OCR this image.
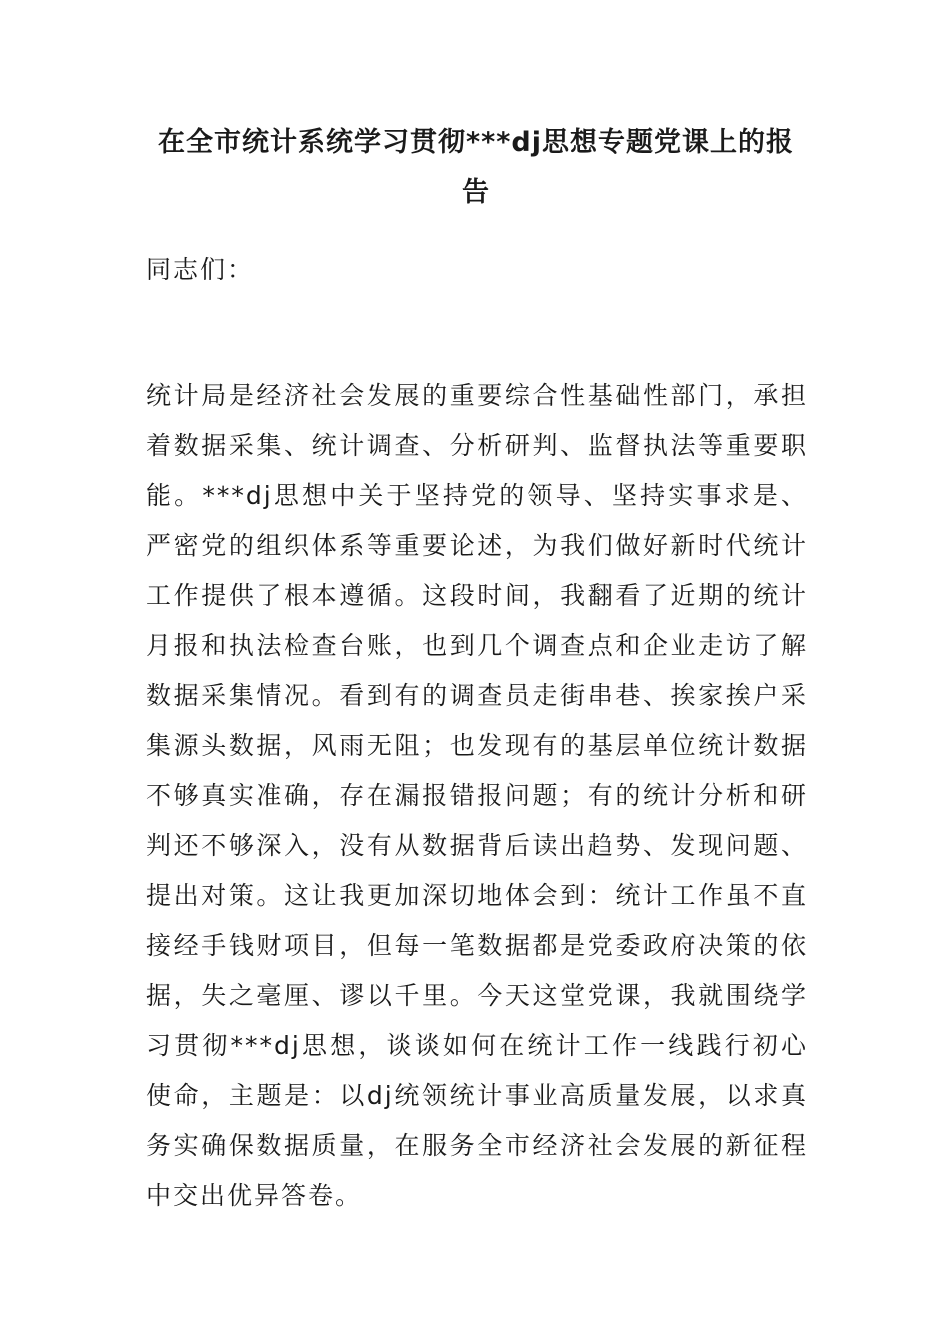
在全市统计系统学习贯彻***dj思想专题党课上的报告

同志们：

统计局是经济社会发展的重要综合性基础性部门，承担着数据采集、统计调查、分析研判、监督执法等重要职能。***dj思想中关于坚持党的领导、坚持实事求是、严密党的组织体系等重要论述，为我们做好新时代统计工作提供了根本遵循。这段时间，我翻看了近期的统计月报和执法检查台账，也到几个调查点和企业走访了解数据采集情况。看到有的调查员走街串巷、挨家挨户采集源头数据，风雨无阻；也发现有的基层单位统计数据不够真实准确，存在漏报错报问题；有的统计分析和研判还不够深入，没有从数据背后读出趋势、发现问题、提出对策。这让我更加深切地体会到：统计工作虽不直接经手钱财项目，但每一笔数据都是党委政府决策的依据，失之毫厘、谬以千里。今天这堂党课，我就围绕学习贯彻***dj思想，谈谈如何在统计工作一线践行初心使命，主题是：以dj统领统计事业高质量发展，以求真务实确保数据质量，在服务全市经济社会发展的新征程中交出优异答卷。
